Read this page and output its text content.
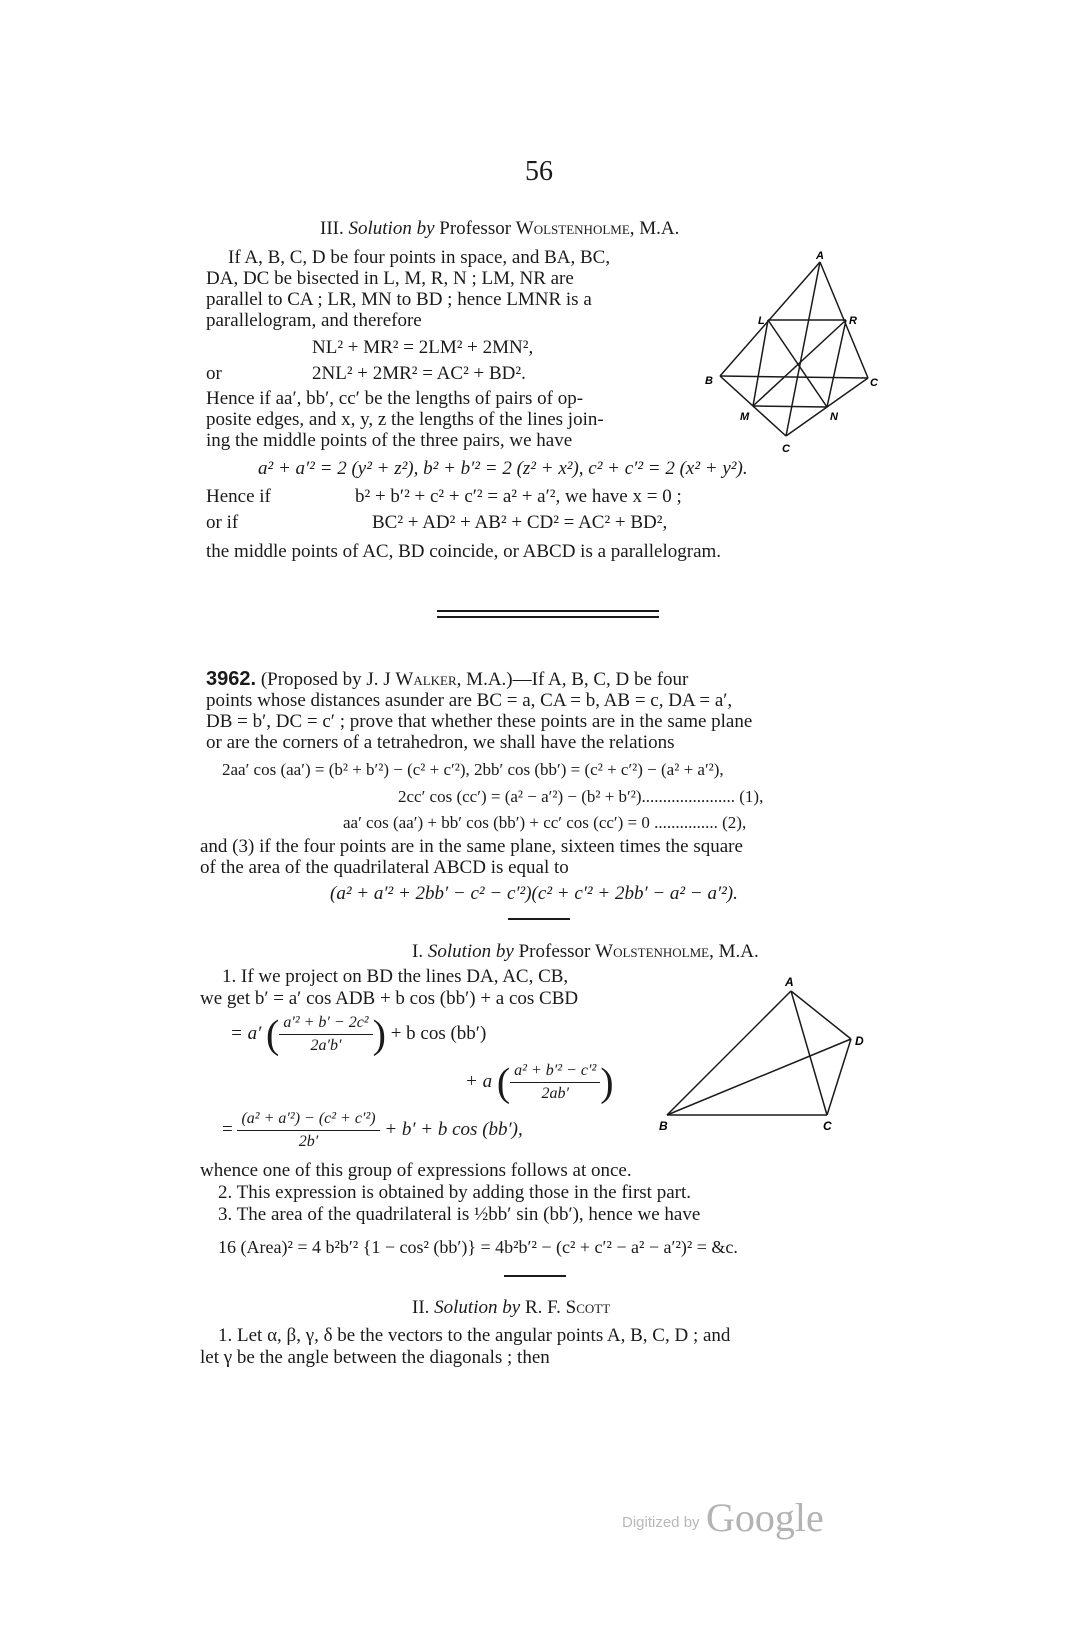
56
III. Solution by Professor Wolstenholme, M.A.
If A, B, C, D be four points in space, and BA, BC,
DA, DC be bisected in L, M, R, N ; LM, NR are
parallel to CA ; LR, MN to BD ; hence LMNR is a
parallelogram, and therefore
NL² + MR² = 2LM² + 2MN²,
or	2NL² + 2MR² = AC² + BD².
Hence if aa′, bb′, cc′ be the lengths of pairs of op-
posite edges, and x, y, z the lengths of the lines join-
ing the middle points of the three pairs, we have
a² + a′² = 2 (y² + z²), b² + b′² = 2 (z² + x²), c² + c′² = 2 (x² + y²).
Hence if	b² + b′² + c² + c′² = a² + a′², we have x = 0 ;
or if	BC² + AD² + AB² + CD² = AC² + BD²,
the middle points of AC, BD coincide, or ABCD is a parallelogram.
A
L	R
B	C
M	N
C
3962. (Proposed by J. J Walker, M.A.)—If A, B, C, D be four
points whose distances asunder are BC = a, CA = b, AB = c, DA = a′,
DB = b′, DC = c′ ; prove that whether these points are in the same plane
or are the corners of a tetrahedron, we shall have the relations
2aa′ cos (aa′) = (b² + b′²) − (c² + c′²), 2bb′ cos (bb′) = (c² + c′²) − (a² + a′²),
2cc′ cos (cc′) = (a² − a′²) − (b² + b′²)...................... (1),
aa′ cos (aa′) + bb′ cos (bb′) + cc′ cos (cc′) = 0 ............... (2),
and (3) if the four points are in the same plane, sixteen times the square
of the area of the quadrilateral ABCD is equal to
(a² + a′² + 2bb′ − c² − c′²)(c² + c′² + 2bb′ − a² − a′²).
I. Solution by Professor Wolstenholme, M.A.
1. If we project on BD the lines DA, AC, CB,
we get b′ = a′ cos ADB + b cos (bb′) + a cos CBD
= a′ ( $\frac{\text{a′² + b′ − 2c²}}{2a'b'}$ ) + b cos (bb′)
+ a ( $\frac{\text{a² + b′² − c′²}}{2ab'}$ )
= $\frac{\text{(a² + a′²) − (c² + c′²)}}{2b'} + b' + b$ cos (bb′),
A
D
B	C
whence one of this group of expressions follows at once.
2. This expression is obtained by adding those in the first part.
3. The area of the quadrilateral is ½bb′ sin (bb′), hence we have
16 (Area)² = 4 b²b′² {1 − cos² (bb′)} = 4b²b′² − (c² + c′² − a² − a′²)² = &c.
II. Solution by R. F. Scott
1. Let α, β, γ, δ be the vectors to the angular points A, B, C, D ; and
let γ be the angle between the diagonals ; then
Digitized by Google
